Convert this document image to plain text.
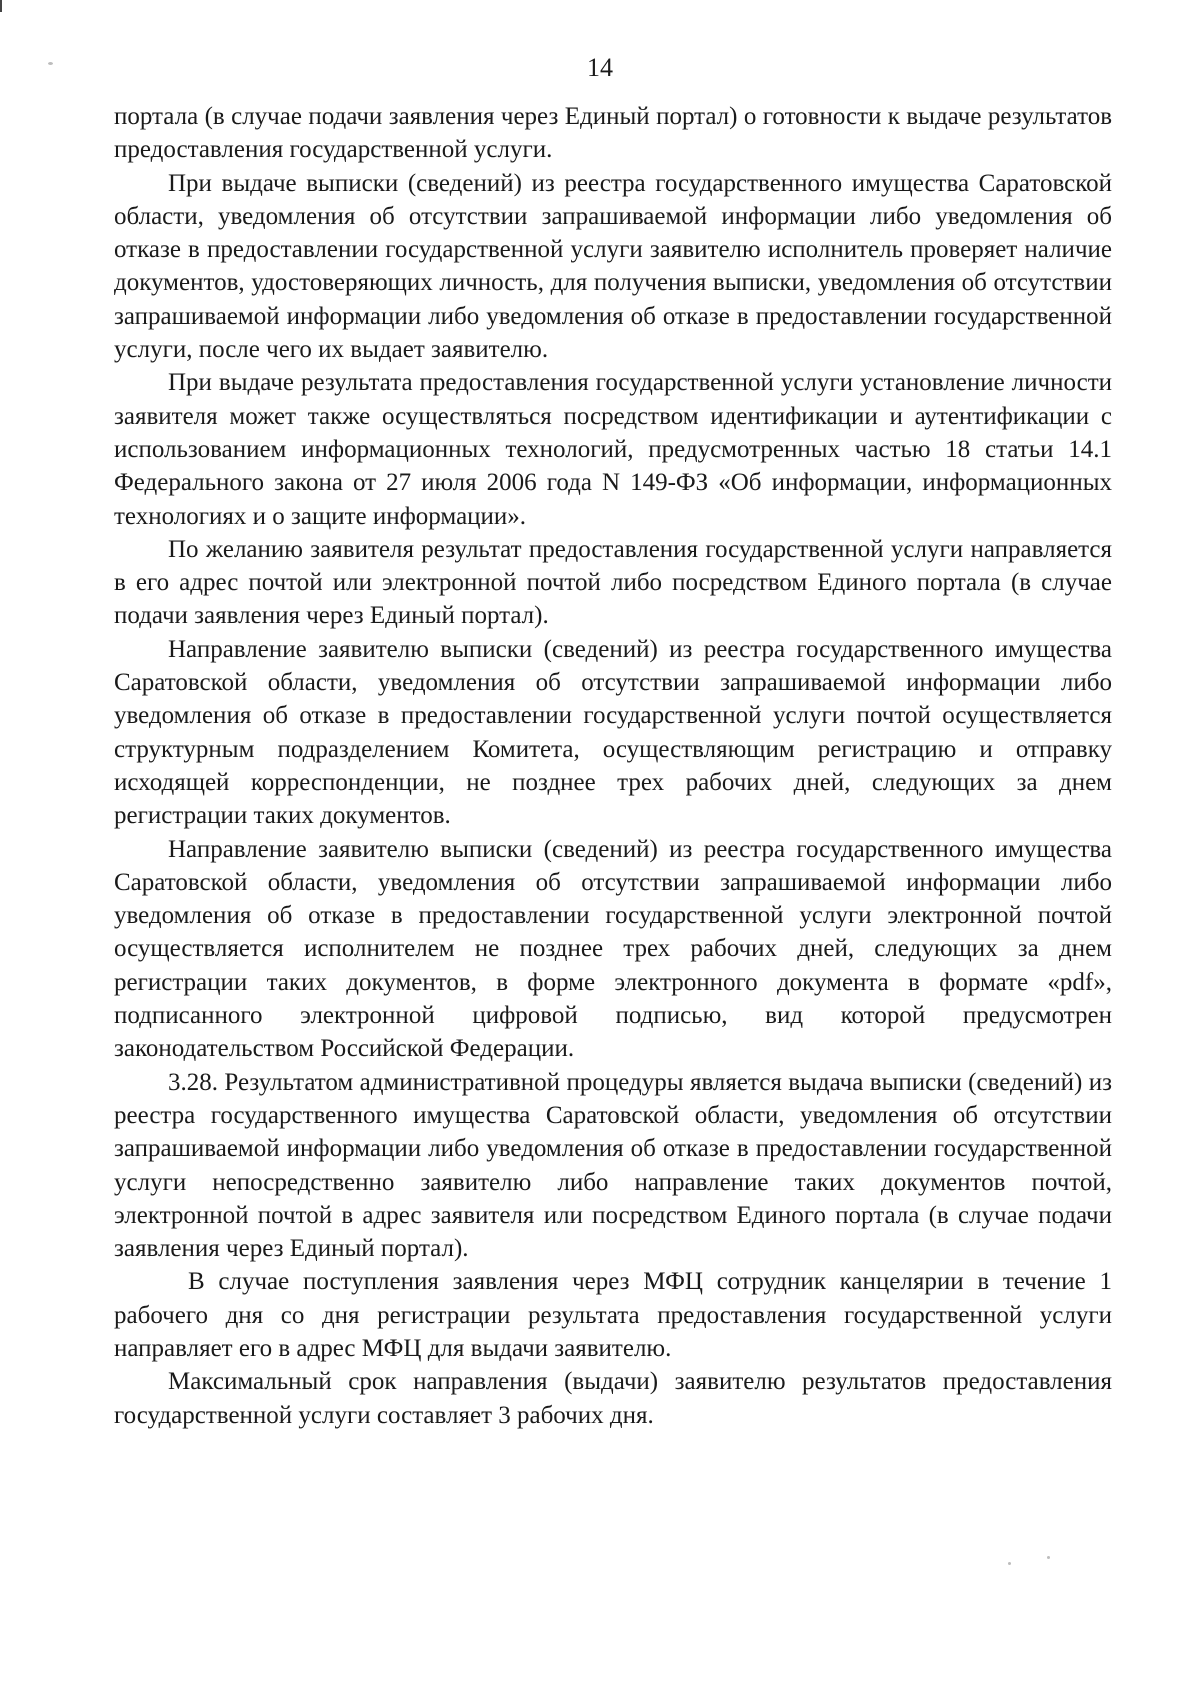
14

портала (в случае подачи заявления через Единый портал) о готовности к выдаче результатов предоставления государственной услуги.

При выдаче выписки (сведений) из реестра государственного имущества Саратовской области, уведомления об отсутствии запрашиваемой информации либо уведомления об отказе в предоставлении государственной услуги заявителю исполнитель проверяет наличие документов, удостоверяющих личность, для получения выписки, уведомления об отсутствии запрашиваемой информации либо уведомления об отказе в предоставлении государственной услуги, после чего их выдает заявителю.

При выдаче результата предоставления государственной услуги установление личности заявителя может также осуществляться посредством идентификации и аутентификации с использованием информационных технологий, предусмотренных частью 18 статьи 14.1 Федерального закона от 27 июля 2006 года N 149-ФЗ «Об информации, информационных технологиях и о защите информации».

По желанию заявителя результат предоставления государственной услуги направляется в его адрес почтой или электронной почтой либо посредством Единого портала (в случае подачи заявления через Единый портал).

Направление заявителю выписки (сведений) из реестра государственного имущества Саратовской области, уведомления об отсутствии запрашиваемой информации либо уведомления об отказе в предоставлении государственной услуги почтой осуществляется структурным подразделением Комитета, осуществляющим регистрацию и отправку исходящей корреспонденции, не позднее трех рабочих дней, следующих за днем регистрации таких документов.

Направление заявителю выписки (сведений) из реестра государственного имущества Саратовской области, уведомления об отсутствии запрашиваемой информации либо уведомления об отказе в предоставлении государственной услуги электронной почтой осуществляется исполнителем не позднее трех рабочих дней, следующих за днем регистрации таких документов, в форме электронного документа в формате «pdf», подписанного электронной цифровой подписью, вид которой предусмотрен законодательством Российской Федерации.

3.28. Результатом административной процедуры является выдача выписки (сведений) из реестра государственного имущества Саратовской области, уведомления об отсутствии запрашиваемой информации либо уведомления об отказе в предоставлении государственной услуги непосредственно заявителю либо направление таких документов почтой, электронной почтой в адрес заявителя или посредством Единого портала (в случае подачи заявления через Единый портал).

В случае поступления заявления через МФЦ сотрудник канцелярии в течение 1 рабочего дня со дня регистрации результата предоставления государственной услуги направляет его в адрес МФЦ для выдачи заявителю.

Максимальный срок направления (выдачи) заявителю результатов предоставления государственной услуги составляет 3 рабочих дня.
